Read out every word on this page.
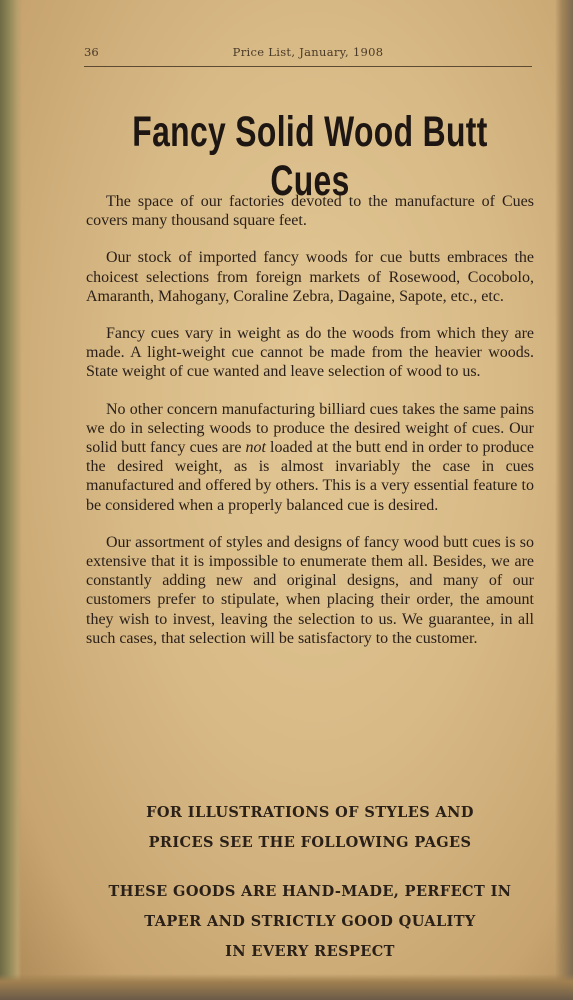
36	Price List, January, 1908
Fancy Solid Wood Butt Cues

The space of our factories devoted to the manufacture of Cues covers many thousand square feet.

Our stock of imported fancy woods for cue butts embraces the choicest selections from foreign markets of Rosewood, Cocobolo, Amaranth, Mahogany, Coraline Zebra, Dagaine, Sapote, etc., etc.

Fancy cues vary in weight as do the woods from which they are made. A light-weight cue cannot be made from the heavier woods. State weight of cue wanted and leave selection of wood to us.

No other concern manufacturing billiard cues takes the same pains we do in selecting woods to produce the desired weight of cues. Our solid butt fancy cues are not loaded at the butt end in order to produce the desired weight, as is almost invariably the case in cues manufactured and offered by others. This is a very essential feature to be considered when a properly balanced cue is desired.

Our assortment of styles and designs of fancy wood butt cues is so extensive that it is impossible to enumerate them all. Besides, we are constantly adding new and original designs, and many of our customers prefer to stipulate, when placing their order, the amount they wish to invest, leaving the selection to us. We guarantee, in all such cases, that selection will be satisfactory to the customer.

FOR ILLUSTRATIONS OF STYLES AND
PRICES SEE THE FOLLOWING PAGES
THESE GOODS ARE HAND-MADE, PERFECT IN
TAPER AND STRICTLY GOOD QUALITY
IN EVERY RESPECT
